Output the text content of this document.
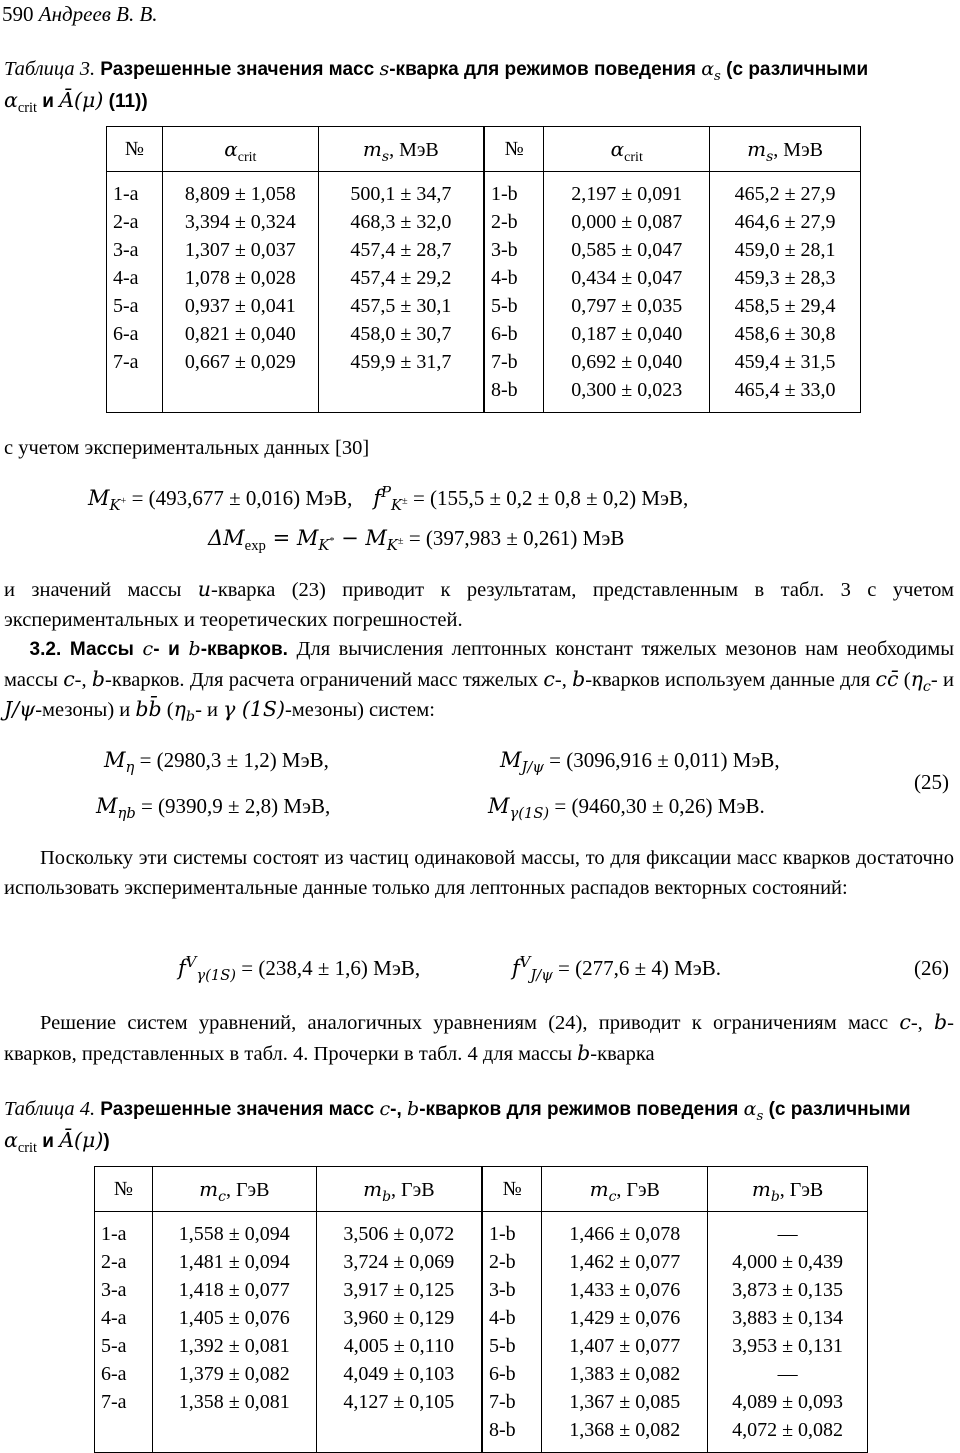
590 Андреев В. В.
Таблица 3. Разрешенные значения масс s-кварка для режимов поведения $\alpha_s$ (с различными
$\alpha_{crit}$ и Ā(μ) (11))
№	$\alpha_{crit}$	$m_s$, МэВ	№	$\alpha_{crit}$	$m_s$, МэВ
1-a	8,809 ± 1,058	500,1 ± 34,7	1-b	2,197 ± 0,091	465,2 ± 27,9
2-a	3,394 ± 0,324	468,3 ± 32,0	2-b	0,000 ± 0,087	464,6 ± 27,9
3-a	1,307 ± 0,037	457,4 ± 28,7	3-b	0,585 ± 0,047	459,0 ± 28,1
4-a	1,078 ± 0,028	457,4 ± 29,2	4-b	0,434 ± 0,047	459,3 ± 28,3
5-a	0,937 ± 0,041	457,5 ± 30,1	5-b	0,797 ± 0,035	458,5 ± 29,4
6-a	0,821 ± 0,040	458,0 ± 30,7	6-b	0,187 ± 0,040	458,6 ± 30,8
7-a	0,667 ± 0,029	459,9 ± 31,7	7-b	0,692 ± 0,040	459,4 ± 31,5
			8-b	0,300 ± 0,023	465,4 ± 33,0
с учетом экспериментальных данных [30]
$M_{K^+} = (493,677 \pm 0,016)$ МэВ, $f^P_{K^\pm} = (155,5 \pm 0,2 \pm 0,8 \pm 0,2)$ МэВ,
$\Delta M_{exp} = M_{K^*} - M_{K^\pm} = (397,983 \pm 0,261)$ МэВ
и значений массы u-кварка (23) приводит к результатам, представленным в табл. 3 с учетом экспериментальных и теоретических погрешностей.
3.2. Массы c- и b-кварков. Для вычисления лептонных констант тяжелых мезонов нам необходимы массы c-, b-кварков. Для расчета ограничений масс тяжелых c-, b-кварков используем данные для cc̄ ($\eta_c-$ и J/ψ-мезоны) и bb̄ ($\eta_b-$ и γ (1S)-мезоны) систем:
$M_\eta = (2980,3 \pm 1,2)$ МэВ,	$M_{J/\psi} = (3096,916 \pm 0,011)$ МэВ,
$M_{\eta b} = (9390,9 \pm 2,8)$ МэВ,	$M_{\gamma(1S)} = (9460,30 \pm 0,26)$ МэВ.
(25)
Поскольку эти системы состоят из частиц одинаковой массы, то для фиксации масс кварков достаточно использовать экспериментальные данные только для лептонных распадов векторных состояний:
$f^V_{\gamma(1S)} = (238,4 \pm 1,6)$ МэВ,	$f^V_{J/\psi} = (277,6 \pm 4)$ МэВ.	(26)
Решение систем уравнений, аналогичных уравнениям (24), приводит к ограничениям масс c-, b-кварков, представленных в табл. 4. Прочерки в табл. 4 для массы b-кварка
Таблица 4. Разрешенные значения масс c-, b-кварков для режимов поведения $\alpha_s$ (с различными
$\alpha_{crit}$ и Ā(μ))
№	$m_c$, ГэВ	$m_b$, ГэВ	№	$m_c$, ГэВ	$m_b$, ГэВ
1-a	1,558 ± 0,094	3,506 ± 0,072	1-b	1,466 ± 0,078	—
2-a	1,481 ± 0,094	3,724 ± 0,069	2-b	1,462 ± 0,077	4,000 ± 0,439
3-a	1,418 ± 0,077	3,917 ± 0,125	3-b	1,433 ± 0,076	3,873 ± 0,135
4-a	1,405 ± 0,076	3,960 ± 0,129	4-b	1,429 ± 0,076	3,883 ± 0,134
5-a	1,392 ± 0,081	4,005 ± 0,110	5-b	1,407 ± 0,077	3,953 ± 0,131
6-a	1,379 ± 0,082	4,049 ± 0,103	6-b	1,383 ± 0,082	—
7-a	1,358 ± 0,081	4,127 ± 0,105	7-b	1,367 ± 0,085	4,089 ± 0,093
			8-b	1,368 ± 0,082	4,072 ± 0,082
